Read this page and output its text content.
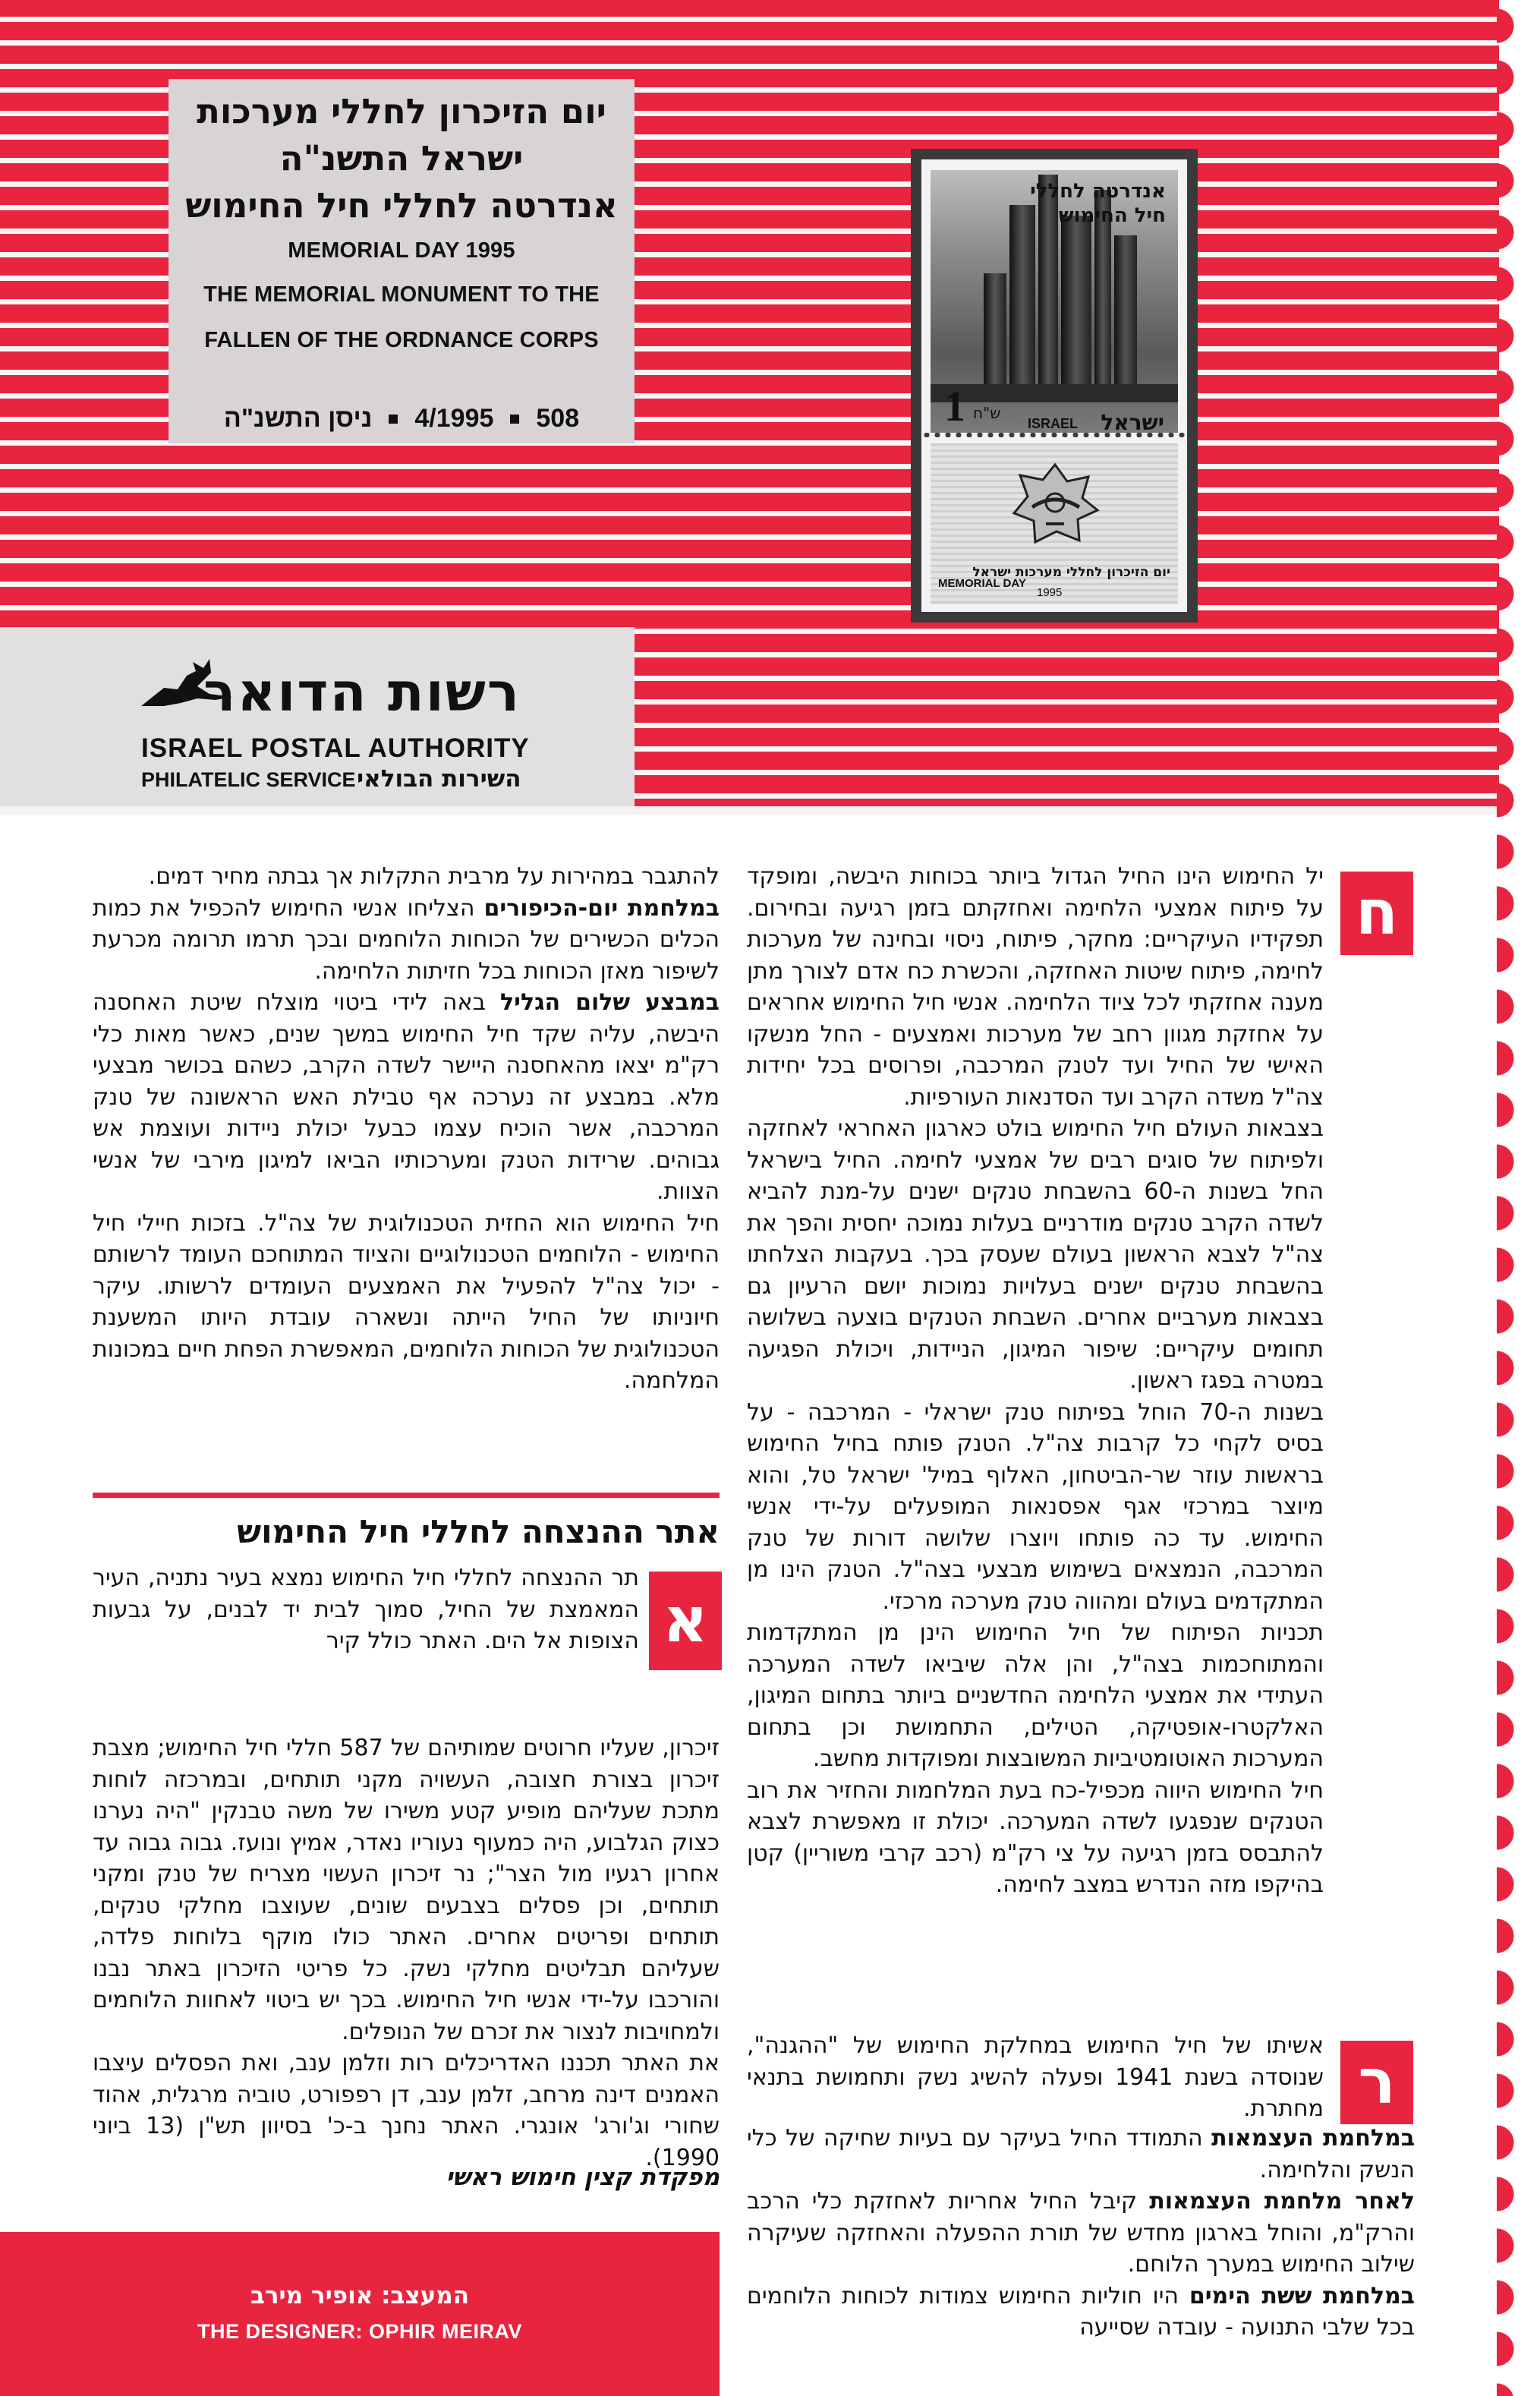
יום הזיכרון לחללי מערכות
ישראל התשנ"ה
אנדרטה לחללי חיל החימוש
MEMORIAL DAY 1995
THE MEMORIAL MONUMENT TO THE
FALLEN OF THE ORDNANCE CORPS
ניסן התשנ"ה 4/1995 508
אנדרטה לחללי חיל החימוש
1 ש"ח
ISRAEL ישראל
יום הזיכרון לחללי מערכות ישראל
MEMORIAL DAY
1995
רשות הדואר
ISRAEL POSTAL AUTHORITY
PHILATELIC SERVICE השירות הבולאי
ח

יל החימוש הינו החיל הגדול ביותר בכוחות היבשה, ומופקד על פיתוח אמצעי הלחימה ואחזקתם בזמן רגיעה ובחירום. תפקידיו העיקריים: מחקר, פיתוח, ניסוי ובחינה של מערכות לחימה, פיתוח שיטות האחזקה, והכשרת כח אדם לצורך מתן מענה אחזקתי לכל ציוד הלחימה. אנשי חיל החימוש אחראים על אחזקת מגוון רחב של מערכות ואמצעים - החל מנשקו האישי של החיל ועד לטנק המרכבה, ופרוסים בכל יחידות צה"ל משדה הקרב ועד הסדנאות העורפיות.

בצבאות העולם חיל החימוש בולט כארגון האחראי לאחזקה ולפיתוח של סוגים רבים של אמצעי לחימה. החיל בישראל החל בשנות ה-60 בהשבחת טנקים ישנים על-מנת להביא לשדה הקרב טנקים מודרניים בעלות נמוכה יחסית והפך את צה"ל לצבא הראשון בעולם שעסק בכך. בעקבות הצלחתו בהשבחת טנקים ישנים בעלויות נמוכות יושם הרעיון גם בצבאות מערביים אחרים. השבחת הטנקים בוצעה בשלושה תחומים עיקריים: שיפור המיגון, הניידות, ויכולת הפגיעה במטרה בפגז ראשון.

בשנות ה-70 הוחל בפיתוח טנק ישראלי - המרכבה - על בסיס לקחי כל קרבות צה"ל. הטנק פותח בחיל החימוש בראשות עוזר שר-הביטחון, האלוף במיל' ישראל טל, והוא מיוצר במרכזי אגף אפסנאות המופעלים על-ידי אנשי החימוש. עד כה פותחו ויוצרו שלושה דורות של טנק המרכבה, הנמצאים בשימוש מבצעי בצה"ל. הטנק הינו מן המתקדמים בעולם ומהווה טנק מערכה מרכזי.

תכניות הפיתוח של חיל החימוש הינן מן המתקדמות והמתוחכמות בצה"ל, והן אלה שיביאו לשדה המערכה העתידי את אמצעי הלחימה החדשניים ביותר בתחום המיגון, האלקטרו-אופטיקה, הטילים, התחמושת וכן בתחום המערכות האוטומטיביות המשובצות ומפוקדות מחשב.

חיל החימוש היווה מכפיל-כח בעת המלחמות והחזיר את רוב הטנקים שנפגעו לשדה המערכה. יכולת זו מאפשרת לצבא להתבסס בזמן רגיעה על צי רק"מ (רכב קרבי משוריין) קטן בהיקפו מזה הנדרש במצב לחימה.

ר

אשיתו של חיל החימוש במחלקת החימוש של "ההגנה", שנוסדה בשנת 1941 ופעלה להשיג נשק ותחמושת בתנאי מחתרת.

במלחמת העצמאות התמודד החיל בעיקר עם בעיות שחיקה של כלי הנשק והלחימה.

לאחר מלחמת העצמאות קיבל החיל אחריות לאחזקת כלי הרכב והרק"מ, והוחל בארגון מחדש של תורת ההפעלה והאחזקה שעיקרה שילוב החימוש במערך הלוחם.

במלחמת ששת הימים היו חוליות החימוש צמודות לכוחות הלוחמים בכל שלבי התנועה - עובדה שסייעה

להתגבר במהירות על מרבית התקלות אך גבתה מחיר דמים.

במלחמת יום-הכיפורים הצליחו אנשי החימוש להכפיל את כמות הכלים הכשירים של הכוחות הלוחמים ובכך תרמו תרומה מכרעת לשיפור מאזן הכוחות בכל חזיתות הלחימה.

במבצע שלום הגליל באה לידי ביטוי מוצלח שיטת האחסנה היבשה, עליה שקד חיל החימוש במשך שנים, כאשר מאות כלי רק"מ יצאו מהאחסנה היישר לשדה הקרב, כשהם בכושר מבצעי מלא. במבצע זה נערכה אף טבילת האש הראשונה של טנק המרכבה, אשר הוכיח עצמו כבעל יכולת ניידות ועוצמת אש גבוהים. שרידות הטנק ומערכותיו הביאו למיגון מירבי של אנשי הצוות.

חיל החימוש הוא החזית הטכנולוגית של צה"ל. בזכות חיילי חיל החימוש - הלוחמים הטכנולוגיים והציוד המתוחכם העומד לרשותם - יכול צה"ל להפעיל את האמצעים העומדים לרשותו. עיקר חיוניותו של החיל הייתה ונשארה עובדת היותו המשענת הטכנולוגית של הכוחות הלוחמים, המאפשרת הפחת חיים במכונות המלחמה.

אתר ההנצחה לחללי חיל החימוש
א

תר ההנצחה לחללי חיל החימוש נמצא בעיר נתניה, העיר המאמצת של החיל, סמוך לבית יד לבנים, על גבעות הצופות אל הים. האתר כולל קיר

זיכרון, שעליו חרוטים שמותיהם של 587 חללי חיל החימוש; מצבת זיכרון בצורת חצובה, העשויה מקני תותחים, ובמרכזה לוחות מתכת שעליהם מופיע קטע משירו של משה טבנקין "היה נערנו כצוק הגלבוע, היה כמעוף נעוריו נאדר, אמיץ ונועז. גבוה גבוה עד אחרון רגעיו מול הצר"; נר זיכרון העשוי מצריח של טנק ומקני תותחים, וכן פסלים בצבעים שונים, שעוצבו מחלקי טנקים, תותחים ופריטים אחרים. האתר כולו מוקף בלוחות פלדה, שעליהם תבליטים מחלקי נשק. כל פריטי הזיכרון באתר נבנו והורכבו על-ידי אנשי חיל החימוש. בכך יש ביטוי לאחוות הלוחמים ולמחויבות לנצור את זכרם של הנופלים.

את האתר תכננו האדריכלים רות וזלמן ענב, ואת הפסלים עיצבו האמנים דינה מרחב, זלמן ענב, דן רפפורט, טוביה מרגלית, אהוד שחורי וג'ורג' אונגרי. האתר נחנך ב-כ' בסיוון תש"ן (13 ביוני 1990).

מפקדת קצין חימוש ראשי
המעצב: אופיר מירב
THE DESIGNER: OPHIR MEIRAV
